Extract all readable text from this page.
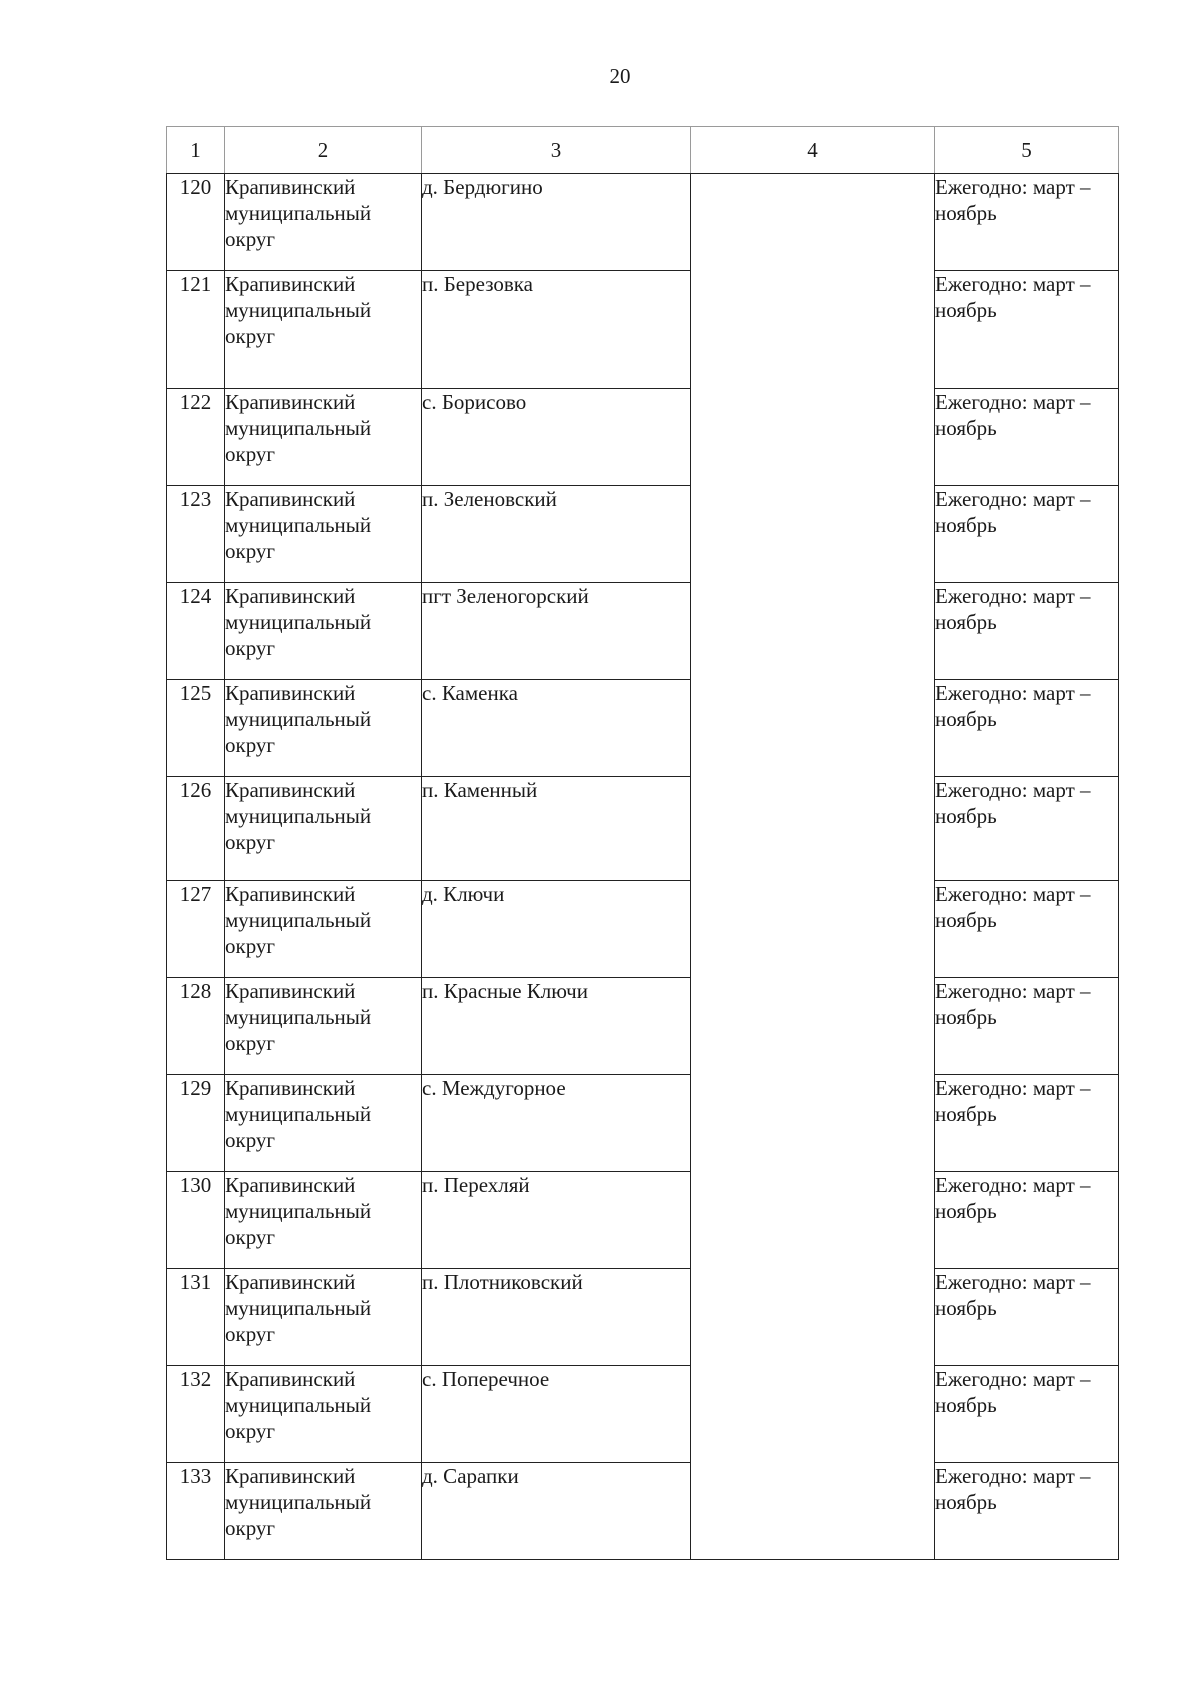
20
1	2	3	4	5
120	Крапивинский муниципальный округ	д. Бердюгино		Ежегодно: март – ноябрь
121	Крапивинский муниципальный округ	п. Березовка		Ежегодно: март – ноябрь
122	Крапивинский муниципальный округ	с. Борисово		Ежегодно: март – ноябрь
123	Крапивинский муниципальный округ	п. Зеленовский		Ежегодно: март – ноябрь
124	Крапивинский муниципальный округ	пгт Зеленогорский		Ежегодно: март – ноябрь
125	Крапивинский муниципальный округ	с. Каменка		Ежегодно: март – ноябрь
126	Крапивинский муниципальный округ	п. Каменный		Ежегодно: март – ноябрь
127	Крапивинский муниципальный округ	д. Ключи		Ежегодно: март – ноябрь
128	Крапивинский муниципальный округ	п. Красные Ключи		Ежегодно: март – ноябрь
129	Крапивинский муниципальный округ	с. Междугорное		Ежегодно: март – ноябрь
130	Крапивинский муниципальный округ	п. Перехляй		Ежегодно: март – ноябрь
131	Крапивинский муниципальный округ	п. Плотниковский		Ежегодно: март – ноябрь
132	Крапивинский муниципальный округ	с. Поперечное		Ежегодно: март – ноябрь
133	Крапивинский муниципальный округ	д. Сарапки		Ежегодно: март – ноябрь
